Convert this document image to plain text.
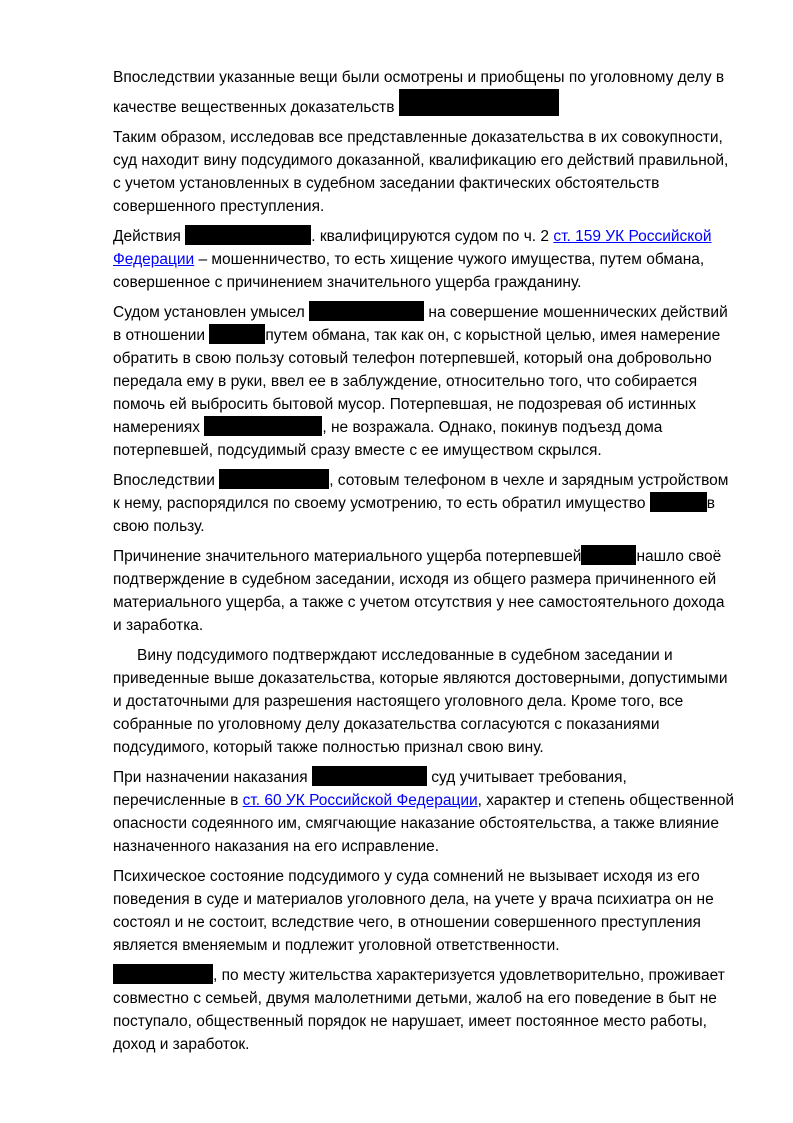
Впоследствии указанные вещи были осмотрены и приобщены по уголовному делу в качестве вещественных доказательств

Таким образом, исследовав все представленные доказательства в их совокупности, суд находит вину подсудимого доказанной, квалификацию его действий правильной, с учетом установленных в судебном заседании фактических обстоятельств совершенного преступления.

Действия	. квалифицируются судом по ч. 2 ст. 159 УК Российской Федерации – мошенничество, то есть хищение чужого имущества, путем обмана, совершенное с причинением значительного ущерба гражданину.

Судом установлен умысел	на совершение мошеннических действий в отношении	путем обмана, так как он, с корыстной целью, имея намерение обратить в свою пользу сотовый телефон потерпевшей, который она добровольно передала ему в руки, ввел ее в заблуждение, относительно того, что собирается помочь ей выбросить бытовой мусор. Потерпевшая, не подозревая об истинных намерениях	, не возражала. Однако, покинув подъезд дома потерпевшей, подсудимый сразу вместе с ее имуществом скрылся.

Впоследствии	, сотовым телефоном в чехле и зарядным устройством к нему, распорядился по своему усмотрению, то есть обратил имущество	в свою пользу.

Причинение значительного материального ущерба потерпевшей	нашло своё подтверждение в судебном заседании, исходя из общего размера причиненного ей материального ущерба, а также с учетом отсутствия у нее самостоятельного дохода и заработка.

Вину подсудимого подтверждают исследованные в судебном заседании и приведенные выше доказательства, которые являются достоверными, допустимыми и достаточными для разрешения настоящего уголовного дела. Кроме того, все собранные по уголовному делу доказательства согласуются с показаниями подсудимого, который также полностью признал свою вину.

При назначении наказания	суд учитывает требования, перечисленные в ст. 60 УК Российской Федерации, характер и степень общественной опасности содеянного им, смягчающие наказание обстоятельства, а также влияние назначенного наказания на его исправление.

Психическое состояние подсудимого у суда сомнений не вызывает исходя из его поведения в суде и материалов уголовного дела, на учете у врача психиатра он не состоял и не состоит, вследствие чего, в отношении совершенного преступления является вменяемым и подлежит уголовной ответственности.

, по месту жительства характеризуется удовлетворительно, проживает совместно с семьей, двумя малолетними детьми, жалоб на его поведение в быт не поступало, общественный порядок не нарушает, имеет постоянное место работы, доход и заработок.
